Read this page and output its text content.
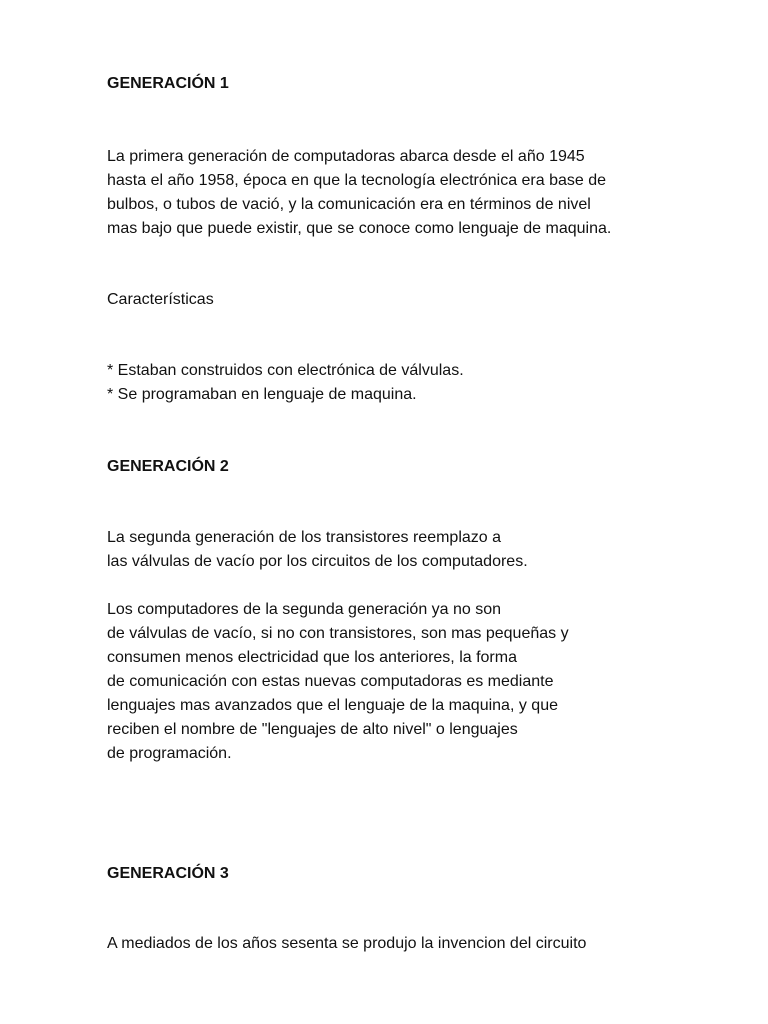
GENERACIÓN 1

La primera generación de computadoras abarca desde el año 1945
hasta el año 1958, época en que la tecnología electrónica era base de
bulbos, o tubos de vació, y la comunicación era en términos de nivel
mas bajo que puede existir, que se conoce como lenguaje de maquina.

Características

* Estaban construidos con electrónica de válvulas.
* Se programaban en lenguaje de maquina.

GENERACIÓN 2

La segunda generación de los transistores reemplazo a
las válvulas de vacío por los circuitos de los computadores.

Los computadores de la segunda generación ya no son
de válvulas de vacío, si no con transistores, son mas pequeñas y
consumen menos electricidad que los anteriores, la forma
de comunicación con estas nuevas computadoras es mediante
lenguajes mas avanzados que el lenguaje de la maquina, y que
reciben el nombre de "lenguajes de alto nivel" o lenguajes
de programación.

GENERACIÓN 3

A mediados de los años sesenta se produjo la invencion del circuito
